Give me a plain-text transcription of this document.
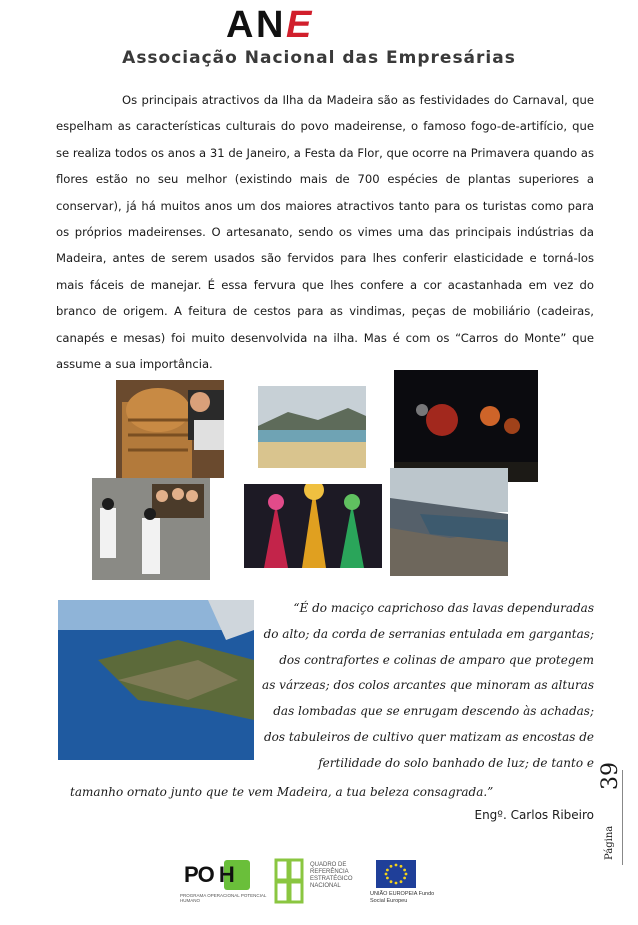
A N E
Associação Nacional das Empresárias

Os principais atractivos da Ilha da Madeira são as festividades do Carnaval, que espelham as características culturais do povo madeirense, o famoso fogo-de-artifício, que se realiza todos os anos a 31 de Janeiro, a Festa da Flor, que ocorre na Primavera quando as flores estão no seu melhor (existindo mais de 700 espécies de plantas superiores a conservar), já há muitos anos um dos maiores atractivos tanto para os turistas como para os próprios madeirenses. O artesanato, sendo os vimes uma das principais indústrias da Madeira, antes de serem usados são fervidos para lhes conferir elasticidade e torná-los mais fáceis de manejar. É essa fervura que lhes confere a cor acastanhada em vez do branco de origem. A feitura de cestos para as vindimas, peças de mobiliário (cadeiras, canapés e mesas) foi muito desenvolvida na ilha. Mas é com os “Carros do Monte” que assume a sua importância.

“É do maciço caprichoso das lavas dependuradas
do alto; da corda de serranias entulada em gargantas;
dos contrafortes e colinas de amparo que protegem
as várzeas; dos colos arcantes que minoram as alturas
das lombadas que se enrugam descendo às achadas;
dos tabuleiros de cultivo quer matizam as encostas de
fertilidade do solo banhado de luz; de tanto e
tamanho ornato junto que te vem Madeira, a tua beleza consagrada.”
Engº. Carlos Ribeiro
Página
39
PO H
PROGRAMA OPERACIONAL POTENCIAL HUMANO
QUADRO DE REFERÊNCIA ESTRATÉGICO NACIONAL
UNIÃO EUROPEIA Fundo Social Europeu
